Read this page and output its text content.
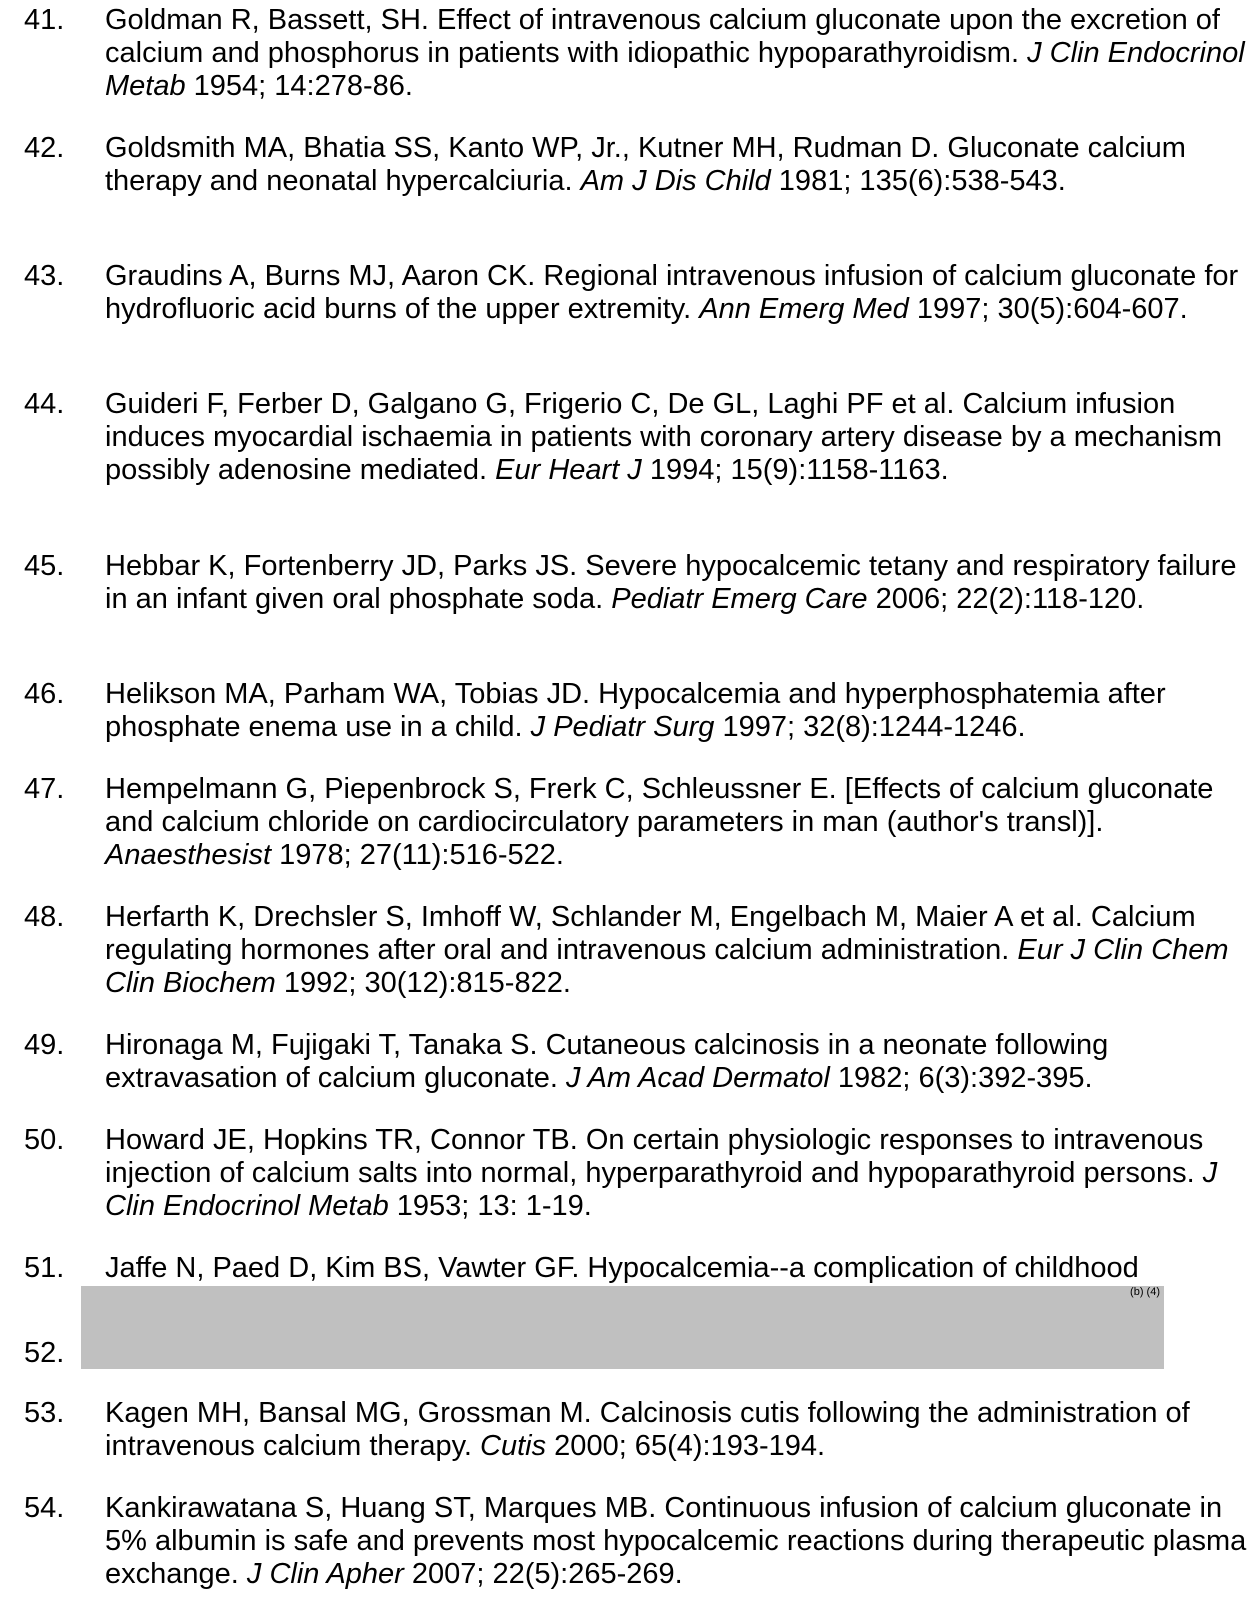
41. Goldman R, Bassett, SH. Effect of intravenous calcium gluconate upon the excretion of calcium and phosphorus in patients with idiopathic hypoparathyroidism. J Clin Endocrinol Metab 1954; 14:278-86.
42. Goldsmith MA, Bhatia SS, Kanto WP, Jr., Kutner MH, Rudman D. Gluconate calcium therapy and neonatal hypercalciuria. Am J Dis Child 1981; 135(6):538-543.
43. Graudins A, Burns MJ, Aaron CK. Regional intravenous infusion of calcium gluconate for hydrofluoric acid burns of the upper extremity. Ann Emerg Med 1997; 30(5):604-607.
44. Guideri F, Ferber D, Galgano G, Frigerio C, De GL, Laghi PF et al. Calcium infusion induces myocardial ischaemia in patients with coronary artery disease by a mechanism possibly adenosine mediated. Eur Heart J 1994; 15(9):1158-1163.
45. Hebbar K, Fortenberry JD, Parks JS. Severe hypocalcemic tetany and respiratory failure in an infant given oral phosphate soda. Pediatr Emerg Care 2006; 22(2):118-120.
46. Helikson MA, Parham WA, Tobias JD. Hypocalcemia and hyperphosphatemia after phosphate enema use in a child. J Pediatr Surg 1997; 32(8):1244-1246.
47. Hempelmann G, Piepenbrock S, Frerk C, Schleussner E. [Effects of calcium gluconate and calcium chloride on cardiocirculatory parameters in man (author's transl)]. Anaesthesist 1978; 27(11):516-522.
48. Herfarth K, Drechsler S, Imhoff W, Schlander M, Engelbach M, Maier A et al. Calcium regulating hormones after oral and intravenous calcium administration. Eur J Clin Chem Clin Biochem 1992; 30(12):815-822.
49. Hironaga M, Fujigaki T, Tanaka S. Cutaneous calcinosis in a neonate following extravasation of calcium gluconate. J Am Acad Dermatol 1982; 6(3):392-395.
50. Howard JE, Hopkins TR, Connor TB. On certain physiologic responses to intravenous injection of calcium salts into normal, hyperparathyroid and hypoparathyroid persons. J Clin Endocrinol Metab 1953; 13: 1-19.
51. Jaffe N, Paed D, Kim BS, Vawter GF. Hypocalcemia--a complication of childhood
52.
(b) (4)
53. Kagen MH, Bansal MG, Grossman M. Calcinosis cutis following the administration of intravenous calcium therapy. Cutis 2000; 65(4):193-194.
54. Kankirawatana S, Huang ST, Marques MB. Continuous infusion of calcium gluconate in 5% albumin is safe and prevents most hypocalcemic reactions during therapeutic plasma exchange. J Clin Apher 2007; 22(5):265-269.
